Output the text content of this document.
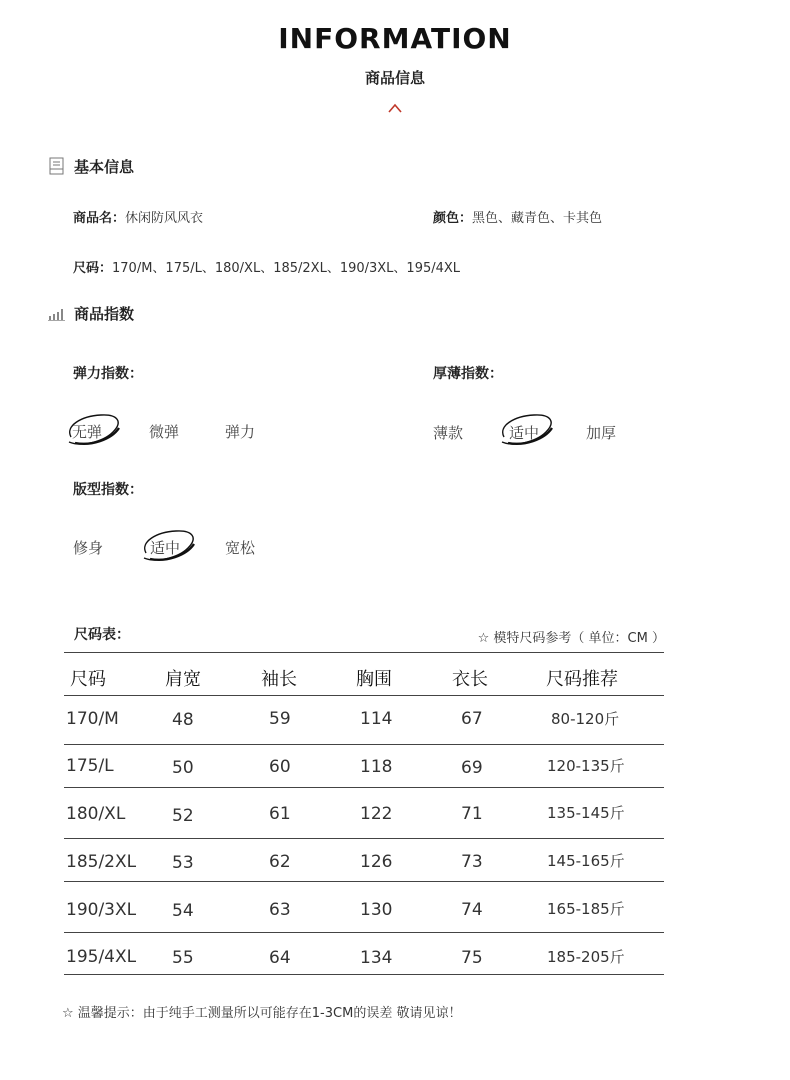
INFORMATION
商品信息
基本信息
商品名：休闲防风风衣	颜色：黑色、藏青色、卡其色
尺码：170/M、175/L、180/XL、185/2XL、190/3XL、195/4XL
商品指数
弹力指数：
无弹	微弹	弹力
厚薄指数：
薄款	适中	加厚
版型指数：
修身	适中	宽松
尺码表：	☆ 模特尺码参考（ 单位：CM ）
尺码	肩宽	袖长	胸围	衣长	尺码推荐
170/M	48	59	114	67	80-120斤
175/L	50	60	118	69	120-135斤
180/XL	52	61	122	71	135-145斤
185/2XL 53	62	126	73	145-165斤
190/3XL 54	63	130	74	165-185斤
195/4XL 55	64	134	75	185-205斤
☆ 温馨提示：由于纯手工测量所以可能存在1-3CM的误差 敬请见谅！
